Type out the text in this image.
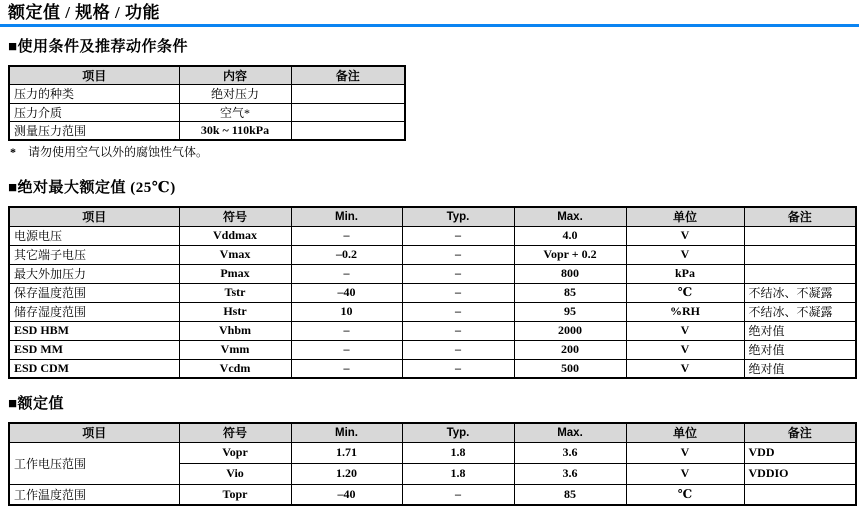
额定值 / 规格 / 功能
■使用条件及推荐动作条件
项目	内容	备注
压力的种类	绝对压力	
压力介质	空气*	
测量压力范围	30k ~ 110kPa	

* 请勿使用空气以外的腐蚀性气体。

■绝对最大额定值 (25℃)
项目	符号	Min.	Typ.	Max.	单位	备注
电源电压	Vddmax	–	–	4.0	V	
其它端子电压	Vmax	–0.2	–	Vopr + 0.2	V	
最大外加压力	Pmax	–	–	800	kPa	
保存温度范围	Tstr	–40	–	85	℃	不结冰、不凝露
储存湿度范围	Hstr	10	–	95	%RH	不结冰、不凝露
ESD HBM	Vhbm	–	–	2000	V	绝对值
ESD MM	Vmm	–	–	200	V	绝对值
ESD CDM	Vcdm	–	–	500	V	绝对值
■额定值
项目	符号	Min.	Typ.	Max.	单位	备注
工作电压范围	Vopr	1.71	1.8	3.6	V	VDD
	Vio	1.20	1.8	3.6	V	VDDIO
工作温度范围	Topr	–40	–	85	℃	
